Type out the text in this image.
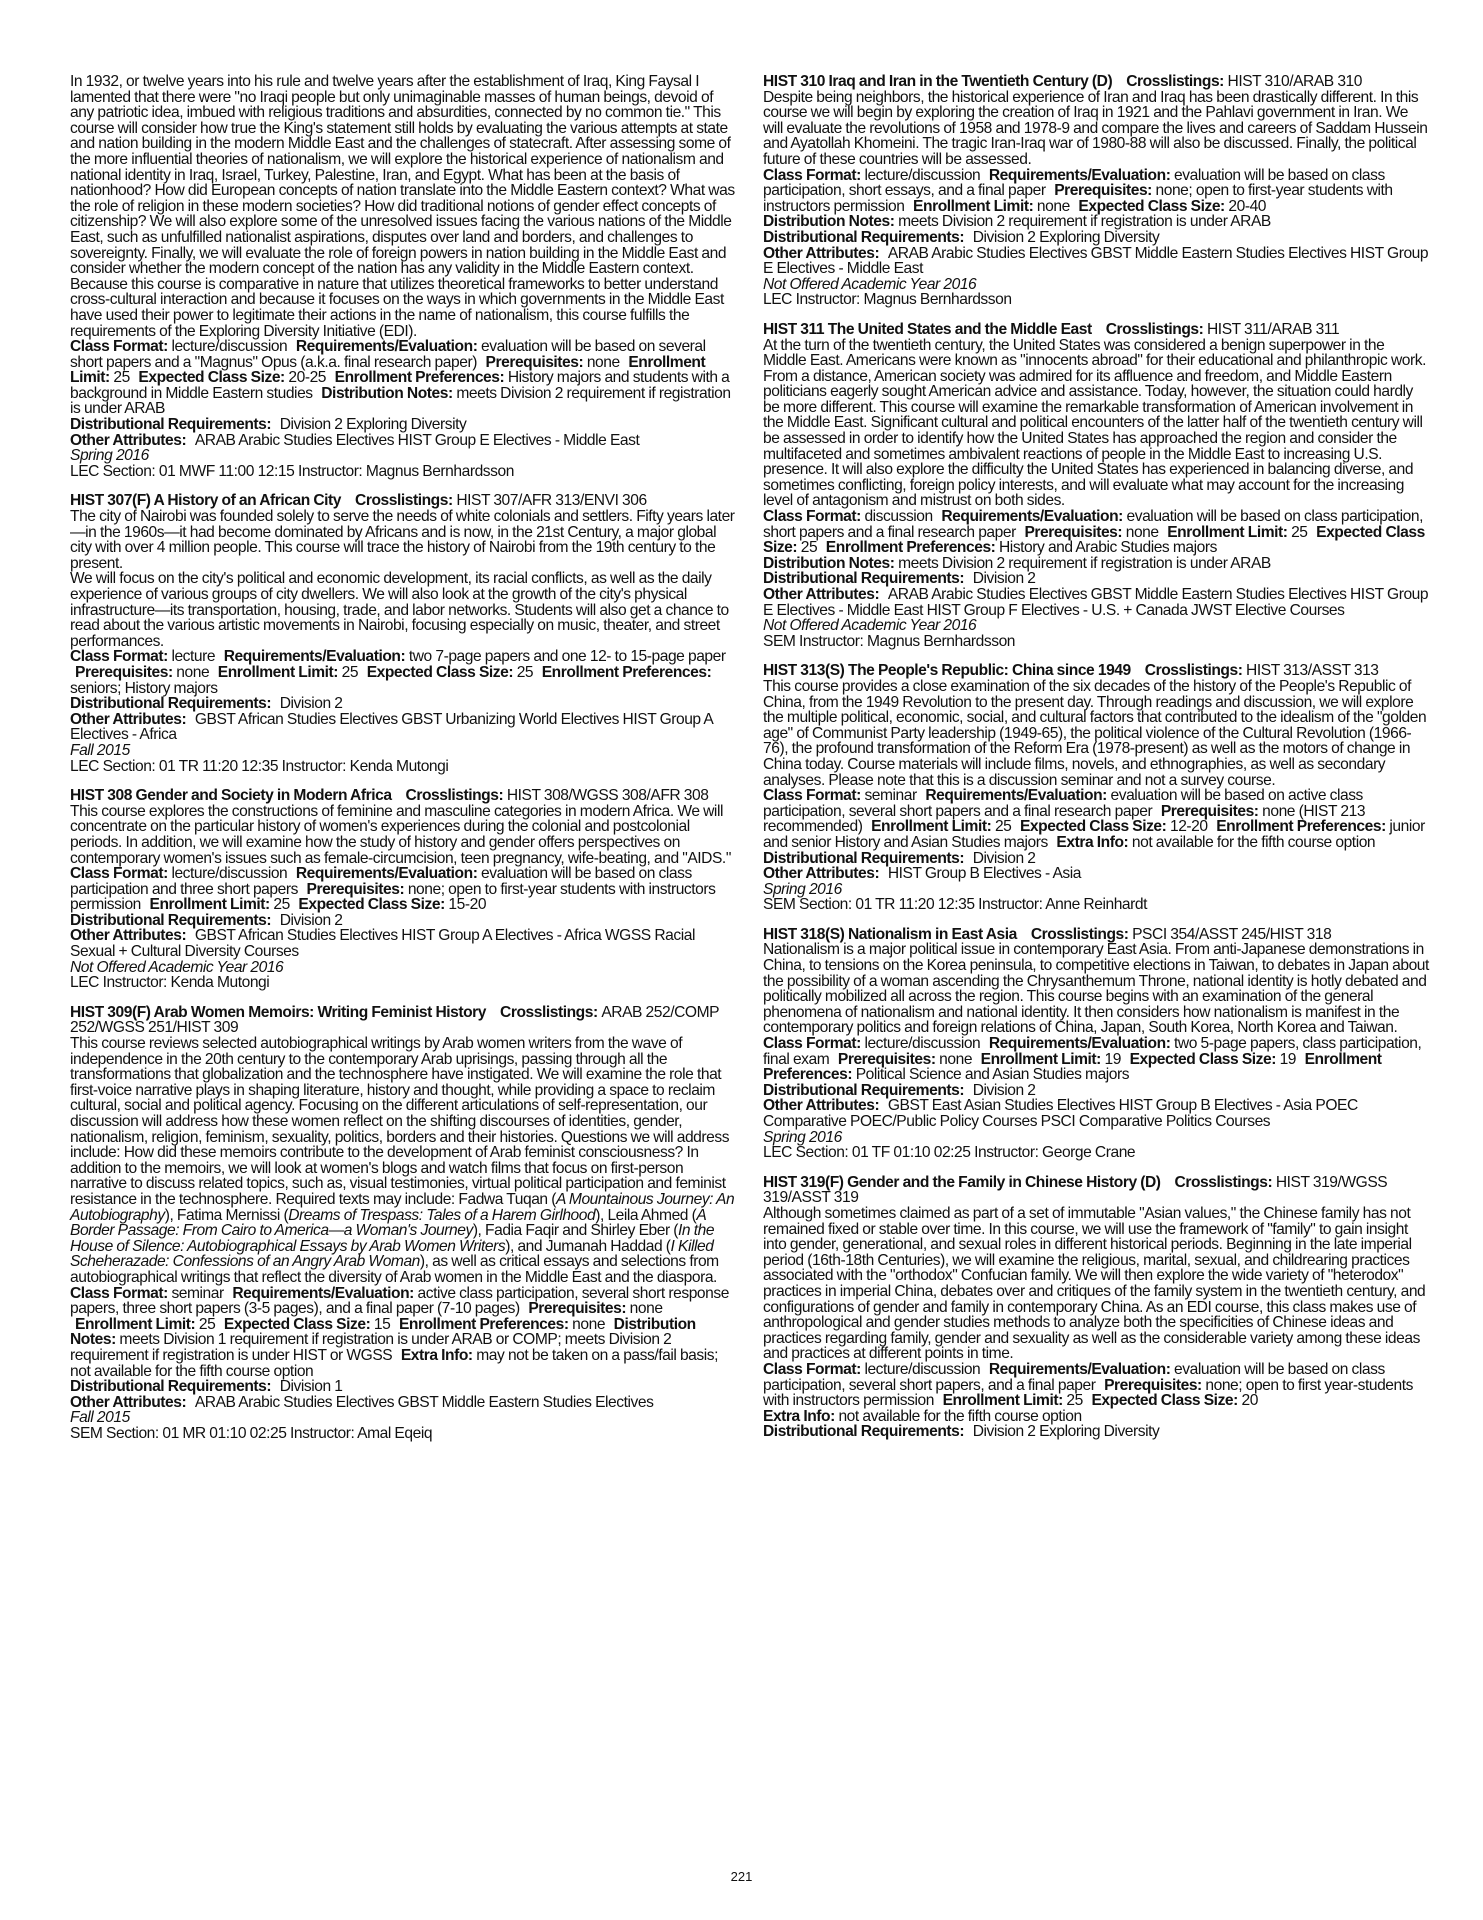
In 1932, or twelve years into his rule and twelve years after the establishment of Iraq, King Faysal I lamented that there were "no Iraqi people but only unimaginable masses of human beings, devoid of any patriotic idea, imbued with religious traditions and absurdities, connected by no common tie." This course will consider how true the King's statement still holds by evaluating the various attempts at state and nation building in the modern Middle East and the challenges of statecraft. After assessing some of the more influential theories of nationalism, we will explore the historical experience of nationalism and national identity in Iraq, Israel, Turkey, Palestine, Iran, and Egypt. What has been at the basis of nationhood? How did European concepts of nation translate into the Middle Eastern context? What was the role of religion in these modern societies? How did traditional notions of gender effect concepts of citizenship? We will also explore some of the unresolved issues facing the various nations of the Middle East, such as unfulfilled nationalist aspirations, disputes over land and borders, and challenges to sovereignty. Finally, we will evaluate the role of foreign powers in nation building in the Middle East and consider whether the modern concept of the nation has any validity in the Middle Eastern context. Because this course is comparative in nature that utilizes theoretical frameworks to better understand cross-cultural interaction and because it focuses on the ways in which governments in the Middle East have used their power to legitimate their actions in the name of nationalism, this course fulfills the requirements of the Exploring Diversity Initiative (EDI).

Class Format: lecture/discussion Requirements/Evaluation: evaluation will be based on several short papers and a "Magnus" Opus (a.k.a. final research paper) Prerequisites: none Enrollment Limit: 25 Expected Class Size: 20-25 Enrollment Preferences: History majors and students with a background in Middle Eastern studies Distribution Notes: meets Division 2 requirement if registration is under ARAB

Distributional Requirements: Division 2 Exploring Diversity

Other Attributes: ARAB Arabic Studies Electives HIST Group E Electives - Middle East

Spring 2016
LEC Section: 01 MWF 11:00 12:15 Instructor: Magnus Bernhardsson

HIST 307(F) A History of an African City Crosslistings: HIST 307/AFR 313/ENVI 306

The city of Nairobi was founded solely to serve the needs of white colonials and settlers. Fifty years later—in the 1960s—it had become dominated by Africans and is now, in the 21st Century, a major global city with over 4 million people. This course will trace the history of Nairobi from the 19th century to the present.

We will focus on the city's political and economic development, its racial conflicts, as well as the daily experience of various groups of city dwellers. We will also look at the growth of the city's physical infrastructure—its transportation, housing, trade, and labor networks. Students will also get a chance to read about the various artistic movements in Nairobi, focusing especially on music, theater, and street performances.

Class Format: lecture Requirements/Evaluation: two 7-page papers and one 12- to 15-page paper Prerequisites: none Enrollment Limit: 25 Expected Class Size: 25 Enrollment Preferences: seniors; History majors

Distributional Requirements: Division 2

Other Attributes: GBST African Studies Electives GBST Urbanizing World Electives HIST Group A Electives - Africa

Fall 2015
LEC Section: 01 TR 11:20 12:35 Instructor: Kenda Mutongi

HIST 308 Gender and Society in Modern Africa Crosslistings: HIST 308/WGSS 308/AFR 308

This course explores the constructions of feminine and masculine categories in modern Africa. We will concentrate on the particular history of women's experiences during the colonial and postcolonial periods. In addition, we will examine how the study of history and gender offers perspectives on contemporary women's issues such as female-circumcision, teen pregnancy, wife-beating, and "AIDS."

Class Format: lecture/discussion Requirements/Evaluation: evaluation will be based on class participation and three short papers Prerequisites: none; open to first-year students with instructors permission Enrollment Limit: 25 Expected Class Size: 15-20

Distributional Requirements: Division 2

Other Attributes: GBST African Studies Electives HIST Group A Electives - Africa WGSS Racial Sexual + Cultural Diversity Courses

Not Offered Academic Year 2016
LEC Instructor: Kenda Mutongi

HIST 309(F) Arab Women Memoirs: Writing Feminist History Crosslistings: ARAB 252/COMP 252/WGSS 251/HIST 309

This course reviews selected autobiographical writings by Arab women writers from the wave of independence in the 20th century to the contemporary Arab uprisings, passing through all the transformations that globalization and the technosphere have instigated. We will examine the role that first-voice narrative plays in shaping literature, history and thought, while providing a space to reclaim cultural, social and political agency. Focusing on the different articulations of self-representation, our discussion will address how these women reflect on the shifting discourses of identities, gender, nationalism, religion, feminism, sexuality, politics, borders and their histories. Questions we will address include: How did these memoirs contribute to the development of Arab feminist consciousness? In addition to the memoirs, we will look at women's blogs and watch films that focus on first-person narrative to discuss related topics, such as, visual testimonies, virtual political participation and feminist resistance in the technosphere. Required texts may include: Fadwa Tuqan (A Mountainous Journey: An Autobiography), Fatima Mernissi (Dreams of Trespass: Tales of a Harem Girlhood), Leila Ahmed (A Border Passage: From Cairo to America—a Woman's Journey), Fadia Faqir and Shirley Eber (In the House of Silence: Autobiographical Essays by Arab Women Writers), and Jumanah Haddad (I Killed Scheherazade: Confessions of an Angry Arab Woman), as well as critical essays and selections from autobiographical writings that reflect the diversity of Arab women in the Middle East and the diaspora.

Class Format: seminar Requirements/Evaluation: active class participation, several short response papers, three short papers (3-5 pages), and a final paper (7-10 pages) Prerequisites: none Enrollment Limit: 25 Expected Class Size: 15 Enrollment Preferences: none Distribution Notes: meets Division 1 requirement if registration is under ARAB or COMP; meets Division 2 requirement if registration is under HIST or WGSS Extra Info: may not be taken on a pass/fail basis; not available for the fifth course option

Distributional Requirements: Division 1

Other Attributes: ARAB Arabic Studies Electives GBST Middle Eastern Studies Electives

Fall 2015
SEM Section: 01 MR 01:10 02:25 Instructor: Amal Eqeiq

HIST 310 Iraq and Iran in the Twentieth Century (D) Crosslistings: HIST 310/ARAB 310

Despite being neighbors, the historical experience of Iran and Iraq has been drastically different. In this course we will begin by exploring the creation of Iraq in 1921 and the Pahlavi government in Iran. We will evaluate the revolutions of 1958 and 1978-9 and compare the lives and careers of Saddam Hussein and Ayatollah Khomeini. The tragic Iran-Iraq war of 1980-88 will also be discussed. Finally, the political future of these countries will be assessed.

Class Format: lecture/discussion Requirements/Evaluation: evaluation will be based on class participation, short essays, and a final paper Prerequisites: none; open to first-year students with instructors permission Enrollment Limit: none Expected Class Size: 20-40

Distribution Notes: meets Division 2 requirement if registration is under ARAB

Distributional Requirements: Division 2 Exploring Diversity

Other Attributes: ARAB Arabic Studies Electives GBST Middle Eastern Studies Electives HIST Group E Electives - Middle East

Not Offered Academic Year 2016
LEC Instructor: Magnus Bernhardsson

HIST 311 The United States and the Middle East Crosslistings: HIST 311/ARAB 311

At the turn of the twentieth century, the United States was considered a benign superpower in the Middle East. Americans were known as "innocents abroad" for their educational and philanthropic work. From a distance, American society was admired for its affluence and freedom, and Middle Eastern politicians eagerly sought American advice and assistance. Today, however, the situation could hardly be more different. This course will examine the remarkable transformation of American involvement in the Middle East. Significant cultural and political encounters of the latter half of the twentieth century will be assessed in order to identify how the United States has approached the region and consider the multifaceted and sometimes ambivalent reactions of people in the Middle East to increasing U.S. presence. It will also explore the difficulty the United States has experienced in balancing diverse, and sometimes conflicting, foreign policy interests, and will evaluate what may account for the increasing level of antagonism and mistrust on both sides.

Class Format: discussion Requirements/Evaluation: evaluation will be based on class participation, short papers and a final research paper Prerequisites: none Enrollment Limit: 25 Expected Class Size: 25 Enrollment Preferences: History and Arabic Studies majors

Distribution Notes: meets Division 2 requirement if registration is under ARAB

Distributional Requirements: Division 2

Other Attributes: ARAB Arabic Studies Electives GBST Middle Eastern Studies Electives HIST Group E Electives - Middle East HIST Group F Electives - U.S. + Canada JWST Elective Courses

Not Offered Academic Year 2016
SEM Instructor: Magnus Bernhardsson

HIST 313(S) The People's Republic: China since 1949 Crosslistings: HIST 313/ASST 313

This course provides a close examination of the six decades of the history of the People's Republic of China, from the 1949 Revolution to the present day. Through readings and discussion, we will explore the multiple political, economic, social, and cultural factors that contributed to the idealism of the "golden age" of Communist Party leadership (1949-65), the political violence of the Cultural Revolution (1966-76), the profound transformation of the Reform Era (1978-present) as well as the motors of change in China today. Course materials will include films, novels, and ethnographies, as well as secondary analyses. Please note that this is a discussion seminar and not a survey course.

Class Format: seminar Requirements/Evaluation: evaluation will be based on active class participation, several short papers and a final research paper Prerequisites: none (HIST 213 recommended) Enrollment Limit: 25 Expected Class Size: 12-20 Enrollment Preferences: junior and senior History and Asian Studies majors Extra Info: not available for the fifth course option

Distributional Requirements: Division 2

Other Attributes: HIST Group B Electives - Asia

Spring 2016
SEM Section: 01 TR 11:20 12:35 Instructor: Anne Reinhardt

HIST 318(S) Nationalism in East Asia Crosslistings: PSCI 354/ASST 245/HIST 318

Nationalism is a major political issue in contemporary East Asia. From anti-Japanese demonstrations in China, to tensions on the Korea peninsula, to competitive elections in Taiwan, to debates in Japan about the possibility of a woman ascending the Chrysanthemum Throne, national identity is hotly debated and politically mobilized all across the region. This course begins with an examination of the general phenomena of nationalism and national identity. It then considers how nationalism is manifest in the contemporary politics and foreign relations of China, Japan, South Korea, North Korea and Taiwan.

Class Format: lecture/discussion Requirements/Evaluation: two 5-page papers, class participation, final exam Prerequisites: none Enrollment Limit: 19 Expected Class Size: 19 Enrollment Preferences: Political Science and Asian Studies majors

Distributional Requirements: Division 2

Other Attributes: GBST East Asian Studies Electives HIST Group B Electives - Asia POEC Comparative POEC/Public Policy Courses PSCI Comparative Politics Courses

Spring 2016
LEC Section: 01 TF 01:10 02:25 Instructor: George Crane

HIST 319(F) Gender and the Family in Chinese History (D) Crosslistings: HIST 319/WGSS 319/ASST 319

Although sometimes claimed as part of a set of immutable "Asian values," the Chinese family has not remained fixed or stable over time. In this course, we will use the framework of "family" to gain insight into gender, generational, and sexual roles in different historical periods. Beginning in the late imperial period (16th-18th Centuries), we will examine the religious, marital, sexual, and childrearing practices associated with the "orthodox" Confucian family. We will then explore the wide variety of "heterodox" practices in imperial China, debates over and critiques of the family system in the twentieth century, and configurations of gender and family in contemporary China. As an EDI course, this class makes use of anthropological and gender studies methods to analyze both the specificities of Chinese ideas and practices regarding family, gender and sexuality as well as the considerable variety among these ideas and practices at different points in time.

Class Format: lecture/discussion Requirements/Evaluation: evaluation will be based on class participation, several short papers, and a final paper Prerequisites: none; open to first year-students with instructors permission Enrollment Limit: 25 Expected Class Size: 20

Extra Info: not available for the fifth course option

Distributional Requirements: Division 2 Exploring Diversity

221
